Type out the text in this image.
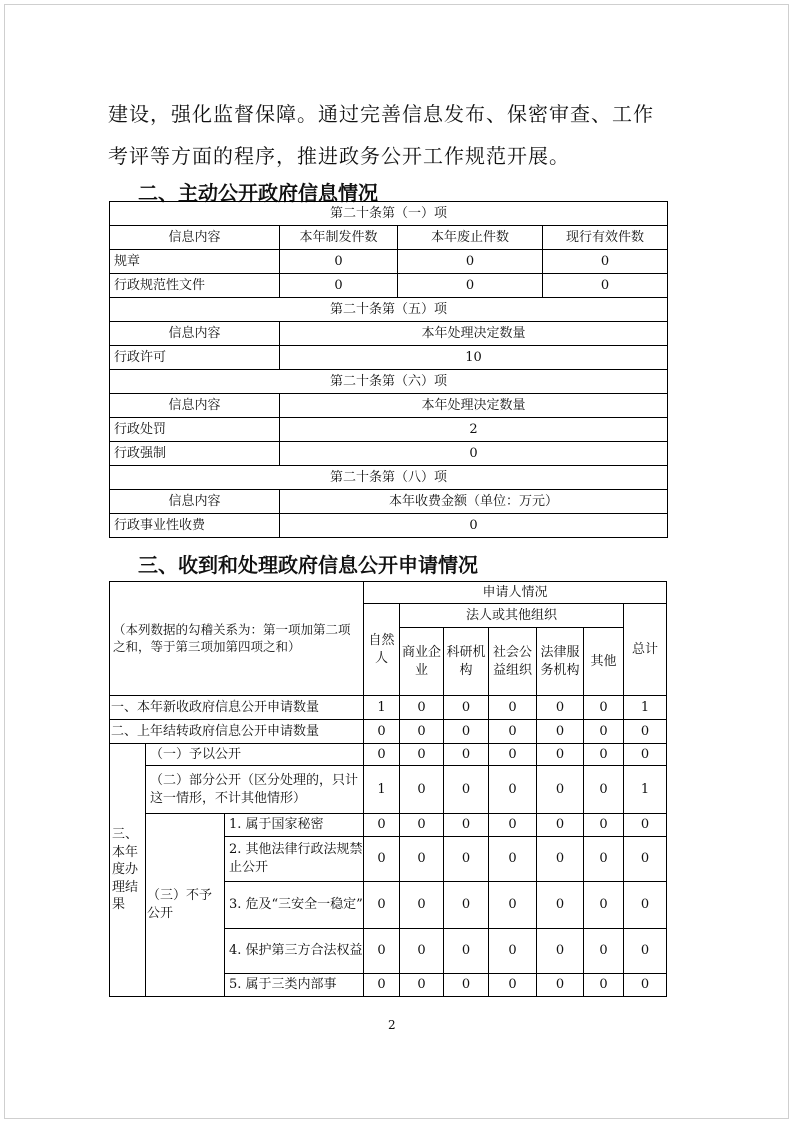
建设，强化监督保障。通过完善信息发布、保密审查、工作
考评等方面的程序，推进政务公开工作规范开展。
二、主动公开政府信息情况
第二十条第（一）项			
信息内容	本年制发件数	本年废止件数	现行有效件数
规章	0	0	0
行政规范性文件	0	0	0
第二十条第（五）项			
信息内容	本年处理决定数量		
行政许可	10		
第二十条第（六）项			
信息内容	本年处理决定数量		
行政处罚	2		
行政强制	0		
第二十条第（八）项			
信息内容	本年收费金额（单位：万元）		
行政事业性收费	0		
三、收到和处理政府信息公开申请情况
（本列数据的勾稽关系为：第一项加第二项之和，等于第三项加第四项之和）			申请人情况						
			自然人	法人或其他组织					总计
				商业企业	科研机构	社会公益组织	法律服务机构	其他	

一、本年新收政府信息公开申请数量			1	0	0	0	0	0	1
二、上年结转政府信息公开申请数量			0	0	0	0	0	0	0
三、本年度办理结果	（一）予以公开		0	0	0	0	0	0	0
	（二）部分公开（区分处理的，只计这一情形，不计其他情形）		1	0	0	0	0	0	1
	（三）不予公开	1. 属于国家秘密	0	0	0	0	0	0	0
		2. 其他法律行政法规禁止公开	0	0	0	0	0	0	0
		3. 危及“三安全一稳定”	0	0	0	0	0	0	0
		4. 保护第三方合法权益	0	0	0	0	0	0	0
		5. 属于三类内部事	0	0	0	0	0	0	0
2
